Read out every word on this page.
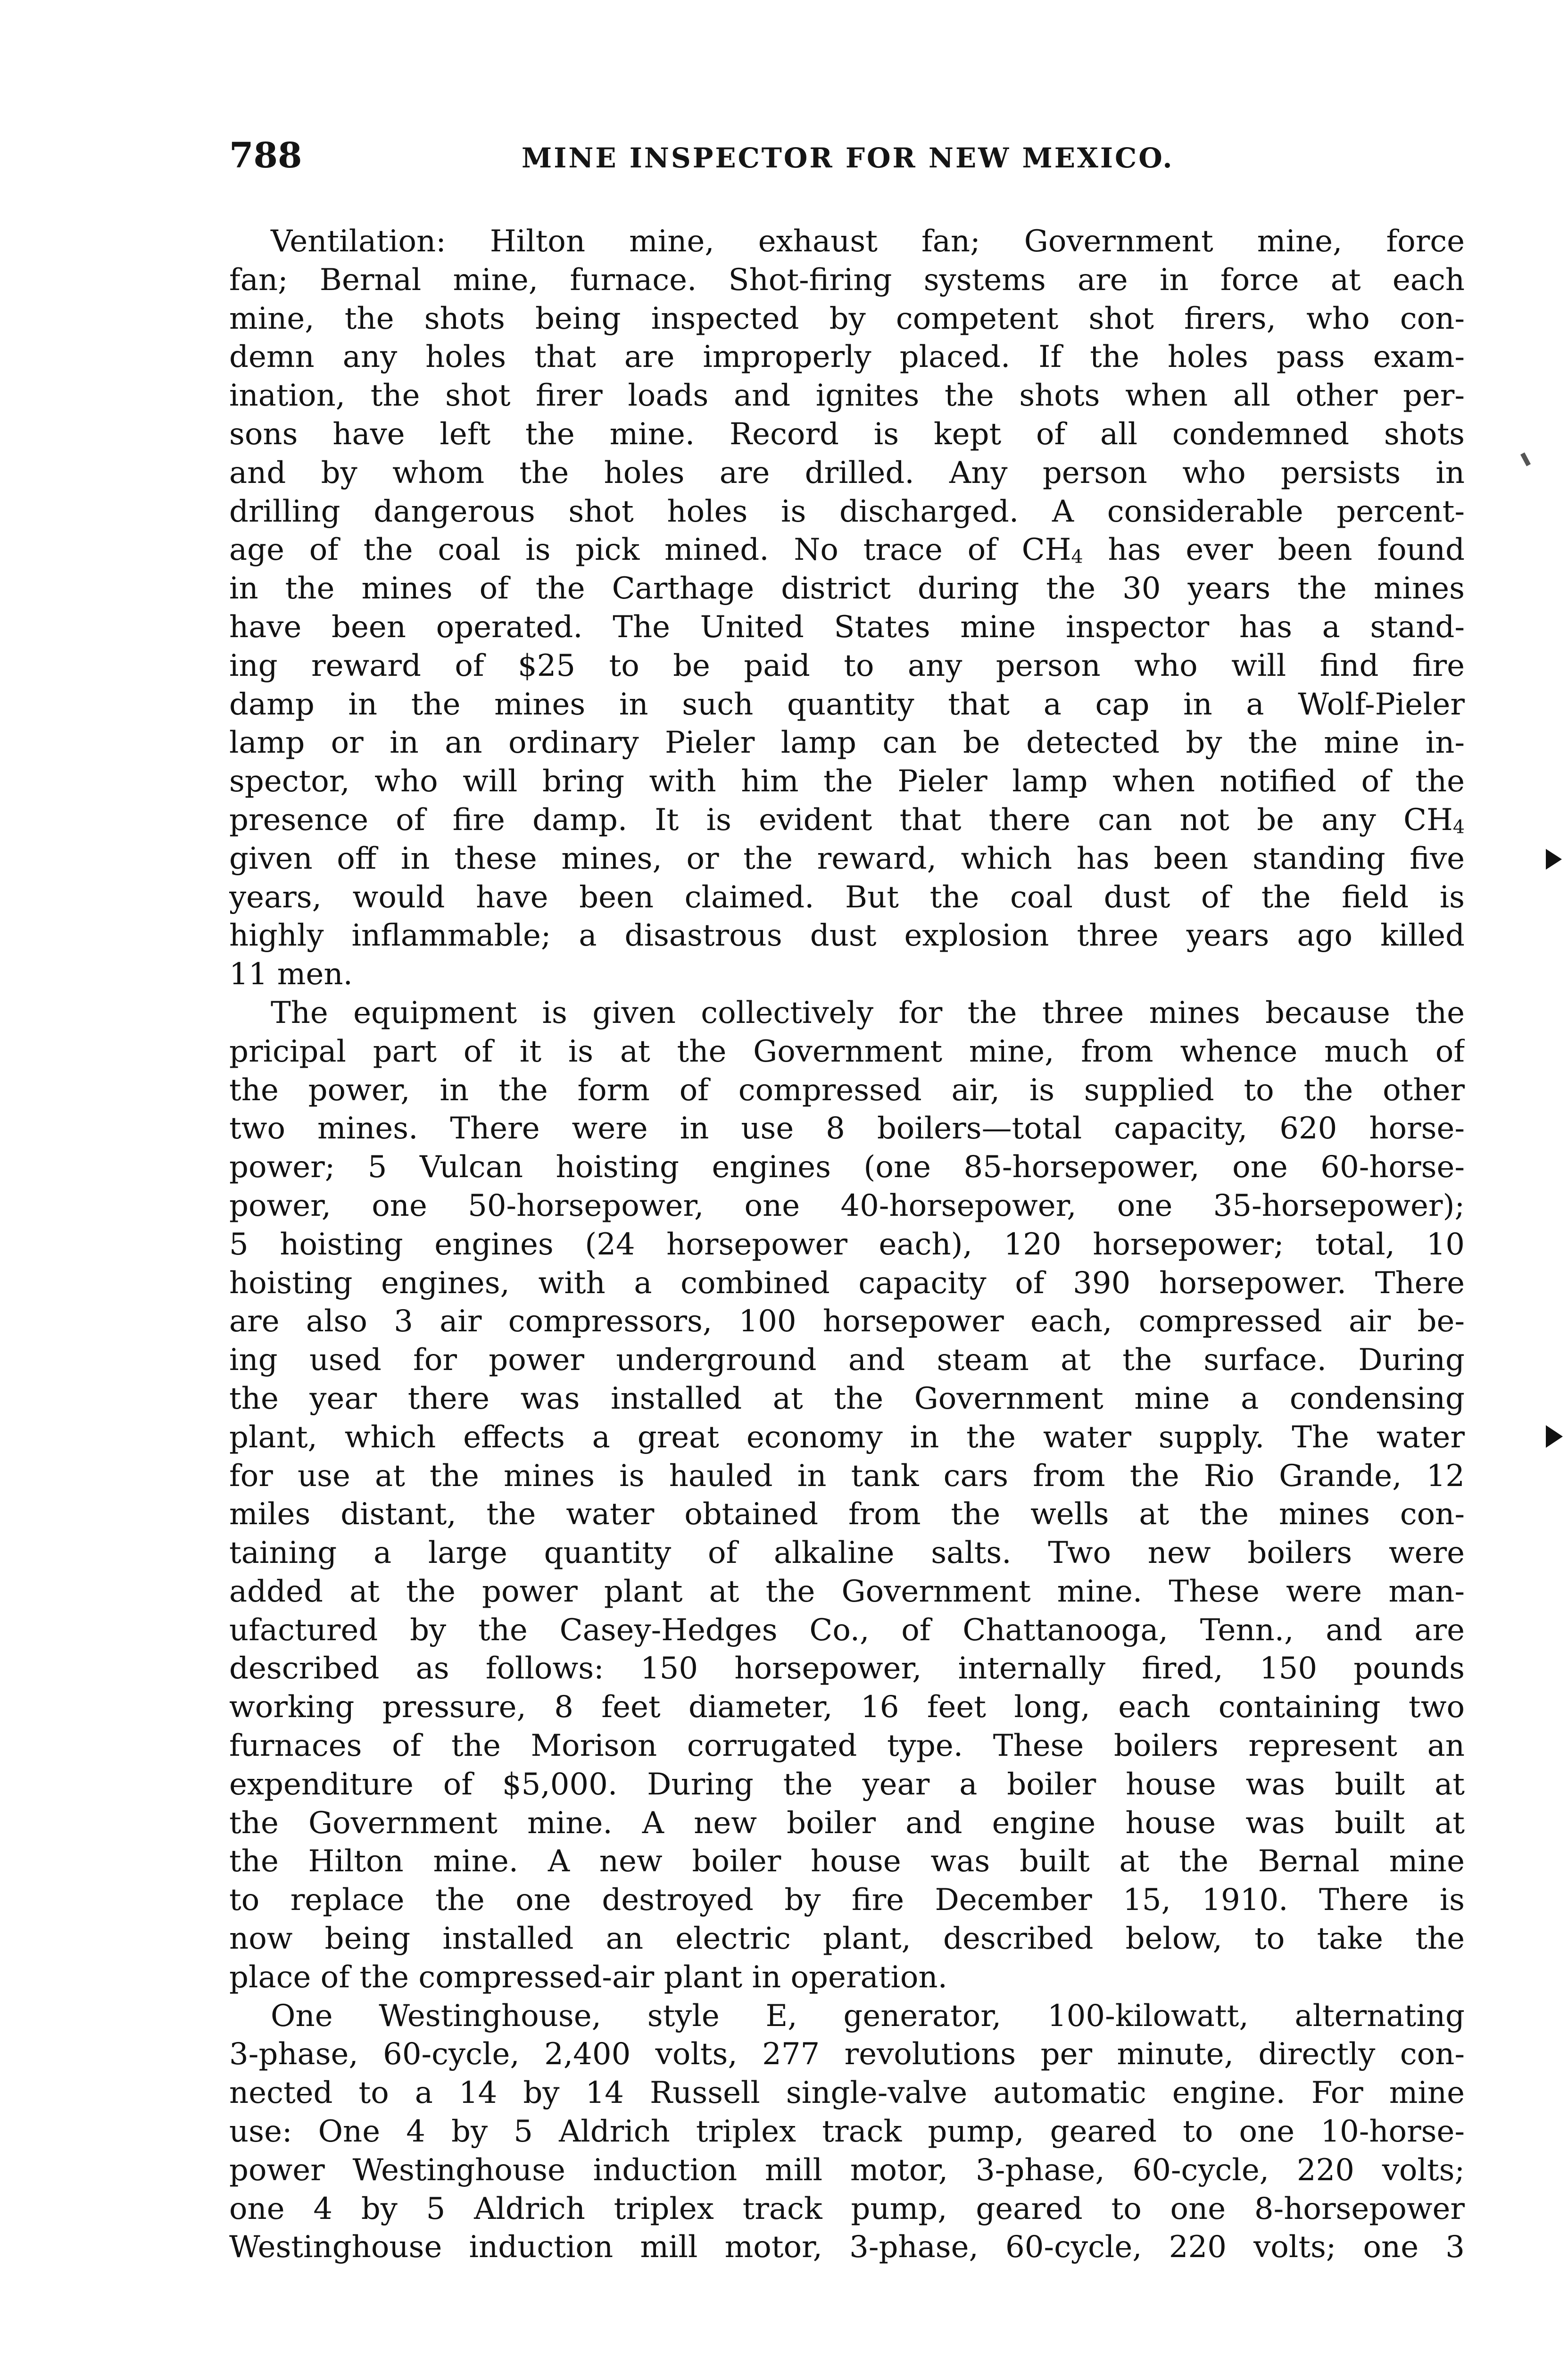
788	MINE INSPECTOR FOR NEW MEXICO.
Ventilation: Hilton mine, exhaust fan; Government mine, force
fan; Bernal mine, furnace. Shot-firing systems are in force at each
mine, the shots being inspected by competent shot firers, who con-
demn any holes that are improperly placed. If the holes pass exam-
ination, the shot firer loads and ignites the shots when all other per-
sons have left the mine. Record is kept of all condemned shots
and by whom the holes are drilled. Any person who persists in
drilling dangerous shot holes is discharged. A considerable percent-
age of the coal is pick mined. No trace of CH4 has ever been found
in the mines of the Carthage district during the 30 years the mines
have been operated. The United States mine inspector has a stand-
ing reward of $25 to be paid to any person who will find fire
damp in the mines in such quantity that a cap in a Wolf-Pieler
lamp or in an ordinary Pieler lamp can be detected by the mine in-
spector, who will bring with him the Pieler lamp when notified of the
presence of fire damp. It is evident that there can not be any CH4
given off in these mines, or the reward, which has been standing five
years, would have been claimed. But the coal dust of the field is
highly inflammable; a disastrous dust explosion three years ago killed
11 men.
The equipment is given collectively for the three mines because the
pricipal part of it is at the Government mine, from whence much of
the power, in the form of compressed air, is supplied to the other
two mines. There were in use 8 boilers—total capacity, 620 horse-
power; 5 Vulcan hoisting engines (one 85-horsepower, one 60-horse-
power, one 50-horsepower, one 40-horsepower, one 35-horsepower);
5 hoisting engines (24 horsepower each), 120 horsepower; total, 10
hoisting engines, with a combined capacity of 390 horsepower. There
are also 3 air compressors, 100 horsepower each, compressed air be-
ing used for power underground and steam at the surface. During
the year there was installed at the Government mine a condensing
plant, which effects a great economy in the water supply. The water
for use at the mines is hauled in tank cars from the Rio Grande, 12
miles distant, the water obtained from the wells at the mines con-
taining a large quantity of alkaline salts. Two new boilers were
added at the power plant at the Government mine. These were man-
ufactured by the Casey-Hedges Co., of Chattanooga, Tenn., and are
described as follows: 150 horsepower, internally fired, 150 pounds
working pressure, 8 feet diameter, 16 feet long, each containing two
furnaces of the Morison corrugated type. These boilers represent an
expenditure of $5,000. During the year a boiler house was built at
the Government mine. A new boiler and engine house was built at
the Hilton mine. A new boiler house was built at the Bernal mine
to replace the one destroyed by fire December 15, 1910. There is
now being installed an electric plant, described below, to take the
place of the compressed-air plant in operation.
One Westinghouse, style E, generator, 100-kilowatt, alternating
3-phase, 60-cycle, 2,400 volts, 277 revolutions per minute, directly con-
nected to a 14 by 14 Russell single-valve automatic engine. For mine
use: One 4 by 5 Aldrich triplex track pump, geared to one 10-horse-
power Westinghouse induction mill motor, 3-phase, 60-cycle, 220 volts;
one 4 by 5 Aldrich triplex track pump, geared to one 8-horsepower
Westinghouse induction mill motor, 3-phase, 60-cycle, 220 volts; one 3
